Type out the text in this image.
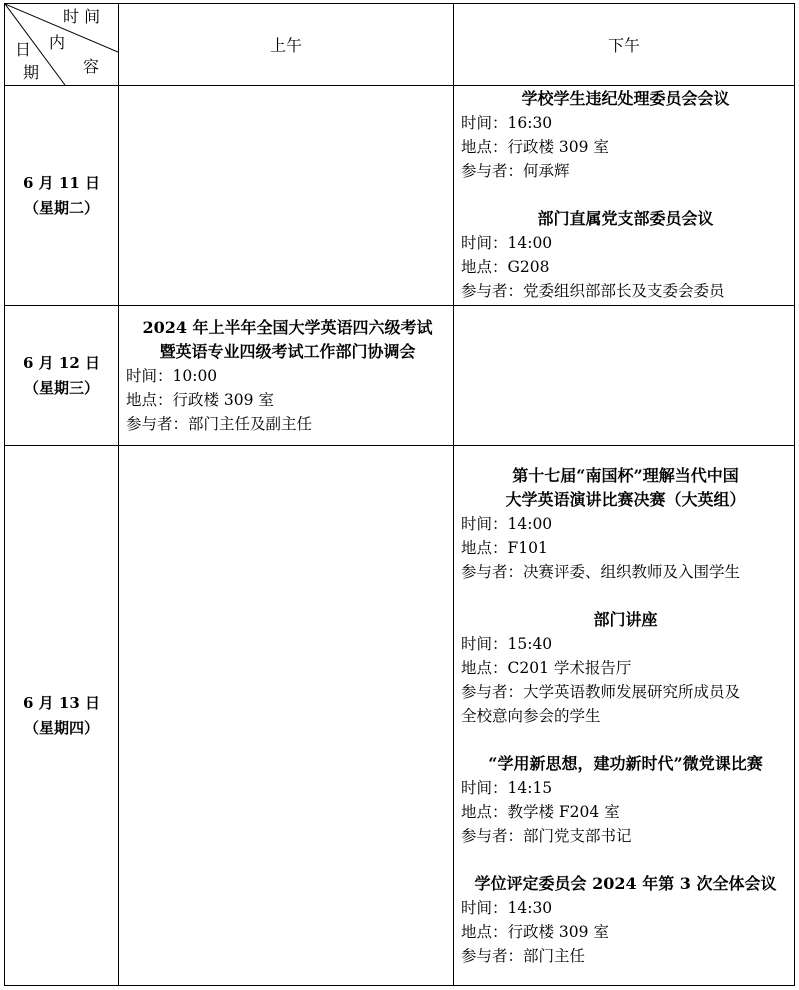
时 间
内
容
日
期
上午	下午
6 月 11 日
（星期二）
学校学生违纪处理委员会会议
时间：16:30
地点：行政楼 309 室
参与者：何承辉
部门直属党支部委员会议
时间：14:00
地点：G208
参与者：党委组织部部长及支委会委员
6 月 12 日
（星期三）
2024 年上半年全国大学英语四六级考试
暨英语专业四级考试工作部门协调会
时间：10:00
地点：行政楼 309 室
参与者：部门主任及副主任
6 月 13 日
（星期四）
第十七届“南国杯”理解当代中国
大学英语演讲比赛决赛（大英组）
时间：14:00
地点：F101
参与者：决赛评委、组织教师及入围学生
部门讲座
时间：15:40
地点：C201 学术报告厅
参与者：大学英语教师发展研究所成员及
全校意向参会的学生
“学用新思想，建功新时代”微党课比赛
时间：14:15
地点：教学楼 F204 室
参与者：部门党支部书记
学位评定委员会 2024 年第 3 次全体会议
时间：14:30
地点：行政楼 309 室
参与者：部门主任
